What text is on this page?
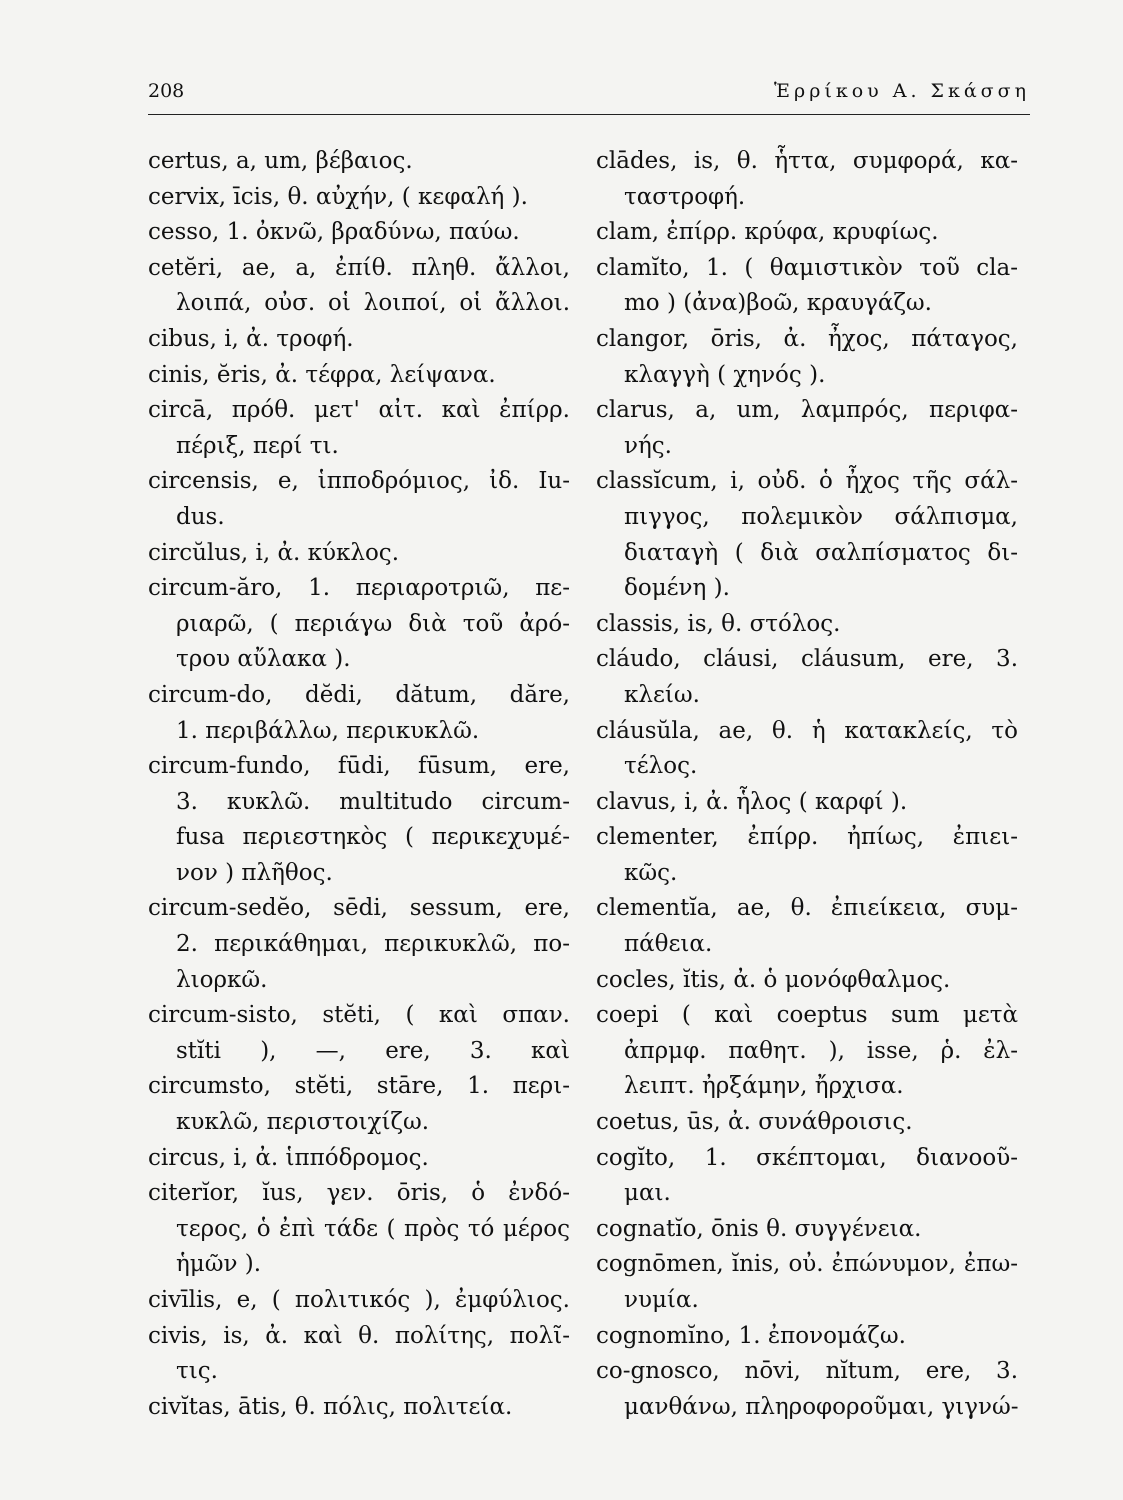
208	Ἑρρίκου Α. Σκάσση
certus, a, um, βέβαιος.
cervix, īcis, θ. αὐχήν, ( κεφαλή ).
cesso, 1. ὀκνῶ, βραδύνω, παύω.
cetĕri, ae, a, ἐπίθ. πληθ. ἄλλοι,
λοιπά, οὐσ. οἱ λοιποί, οἱ ἄλλοι.
cibus, i, ἀ. τροφή.
cinis, ĕris, ἀ. τέφρα, λείψανα.
circā, πρόθ. μετ' αἰτ. καὶ ἐπίρρ.
πέριξ, περί τι.
circensis, e, ἱπποδρόμιος, ἰδ. Iu-
dus.
circŭlus, i, ἀ. κύκλος.
circum-ăro, 1. περιαροτριῶ, πε-
ριαρῶ, ( περιάγω διὰ τοῦ ἀρό-
τρου αὔλακα ).
circum-do, dĕdi, dătum, dăre,
1. περιβάλλω, περικυκλῶ.
circum-fundo, fūdi, fūsum, ere,
3. κυκλῶ. multitudo circum-
fusa περιεστηκὸς ( περικεχυμέ-
νον ) πλῆθος.
circum-sedĕo, sēdi, sessum, ere,
2. περικάθημαι, περικυκλῶ, πο-
λιορκῶ.
circum-sisto, stĕti, ( καὶ σπαν.
stĭti ), —, ere, 3. καὶ
circumsto, stĕti, stāre, 1. περι-
κυκλῶ, περιστοιχίζω.
circus, i, ἀ. ἱππόδρομος.
citerĭor, ĭus, γεν. ōris, ὁ ἐνδό-
τερος, ὁ ἐπὶ τάδε ( πρὸς τό μέρος
ἡμῶν ).
civīlis, e, ( πολιτικός ), ἐμφύλιος.
civis, is, ἀ. καὶ θ. πολίτης, πολῖ-
τις.
civĭtas, ātis, θ. πόλις, πολιτεία.
clādes, is, θ. ἧττα, συμφορά, κα-
ταστροφή.
clam, ἐπίρρ. κρύφα, κρυφίως.
clamĭto, 1. ( θαμιστικὸν τοῦ cla-
mo ) (ἀνα)βοῶ, κραυγάζω.
clangor, ōris, ἀ. ἦχος, πάταγος,
κλαγγὴ ( χηνός ).
clarus, a, um, λαμπρός, περιφα-
νής.
classĭcum, i, οὐδ. ὁ ἦχος τῆς σάλ-
πιγγος, πολεμικὸν σάλπισμα,
διαταγὴ ( διὰ σαλπίσματος δι-
δομένη ).
classis, is, θ. στόλος.
cláudo, cláusi, cláusum, ere, 3.
κλείω.
cláusŭla, ae, θ. ἡ κατακλείς, τὸ
τέλος.
clavus, i, ἀ. ἧλος ( καρφί ).
clementer, ἐπίρρ. ἠπίως, ἐπιει-
κῶς.
clementĭa, ae, θ. ἐπιείκεια, συμ-
πάθεια.
cocles, ĭtis, ἀ. ὁ μονόφθαλμος.
coepi ( καὶ coeptus sum μετὰ
ἀπρμφ. παθητ. ), isse, ῥ. ἐλ-
λειπτ. ἠρξάμην, ἤρχισα.
coetus, ūs, ἀ. συνάθροισις.
cogĭto, 1. σκέπτομαι, διανοοῦ-
μαι.
cognatĭo, ōnis θ. συγγένεια.
cognōmen, ĭnis, οὐ. ἐπώνυμον, ἐπω-
νυμία.
cognomĭno, 1. ἐπονομάζω.
co-gnosco, nōvi, nĭtum, ere, 3.
μανθάνω, πληροφοροῦμαι, γιγνώ-
